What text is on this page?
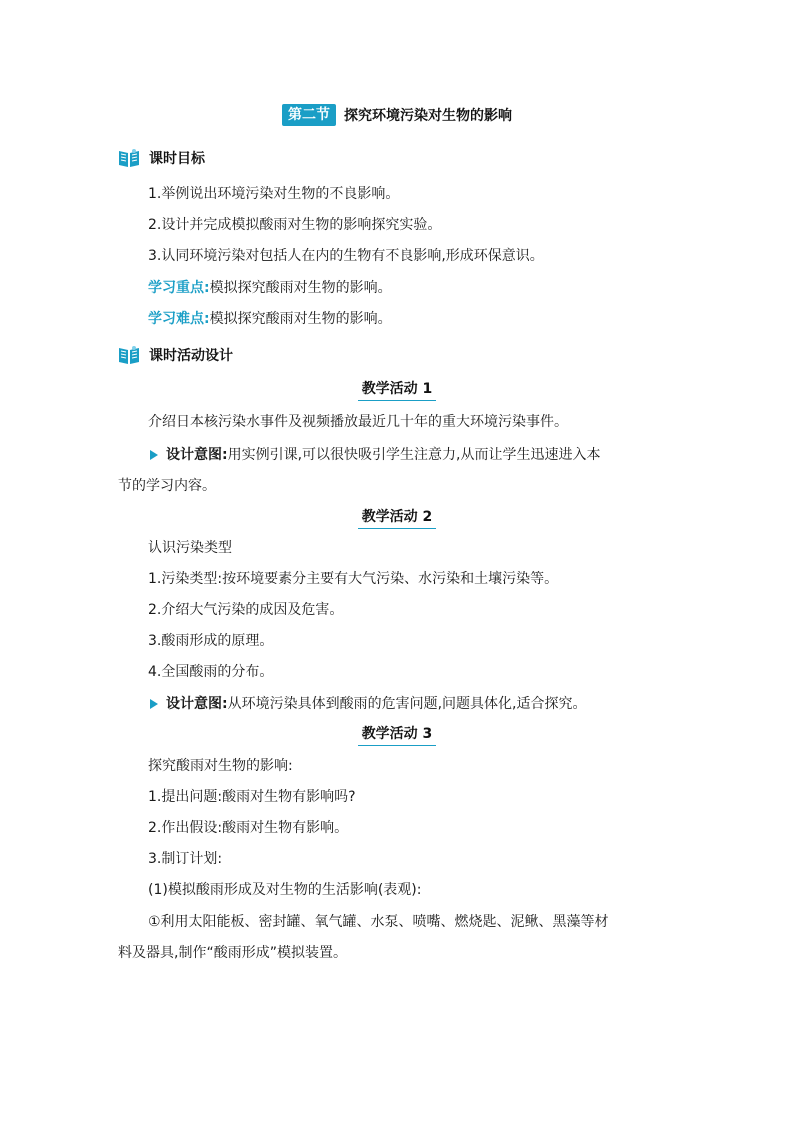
第二节	探究环境污染对生物的影响
课时目标
1.举例说出环境污染对生物的不良影响。
2.设计并完成模拟酸雨对生物的影响探究实验。
3.认同环境污染对包括人在内的生物有不良影响,形成环保意识。
学习重点:模拟探究酸雨对生物的影响。
学习难点:模拟探究酸雨对生物的影响。
课时活动设计
教学活动 1
介绍日本核污染水事件及视频播放最近几十年的重大环境污染事件。
设计意图:用实例引课,可以很快吸引学生注意力,从而让学生迅速进入本
节的学习内容。
教学活动 2
认识污染类型
1.污染类型:按环境要素分主要有大气污染、水污染和土壤污染等。
2.介绍大气污染的成因及危害。
3.酸雨形成的原理。
4.全国酸雨的分布。
设计意图:从环境污染具体到酸雨的危害问题,问题具体化,适合探究。
教学活动 3
探究酸雨对生物的影响:
1.提出问题:酸雨对生物有影响吗?
2.作出假设:酸雨对生物有影响。
3.制订计划:
(1)模拟酸雨形成及对生物的生活影响(表观):
①利用太阳能板、密封罐、氧气罐、水泵、喷嘴、燃烧匙、泥鳅、黑藻等材
料及器具,制作“酸雨形成”模拟装置。
